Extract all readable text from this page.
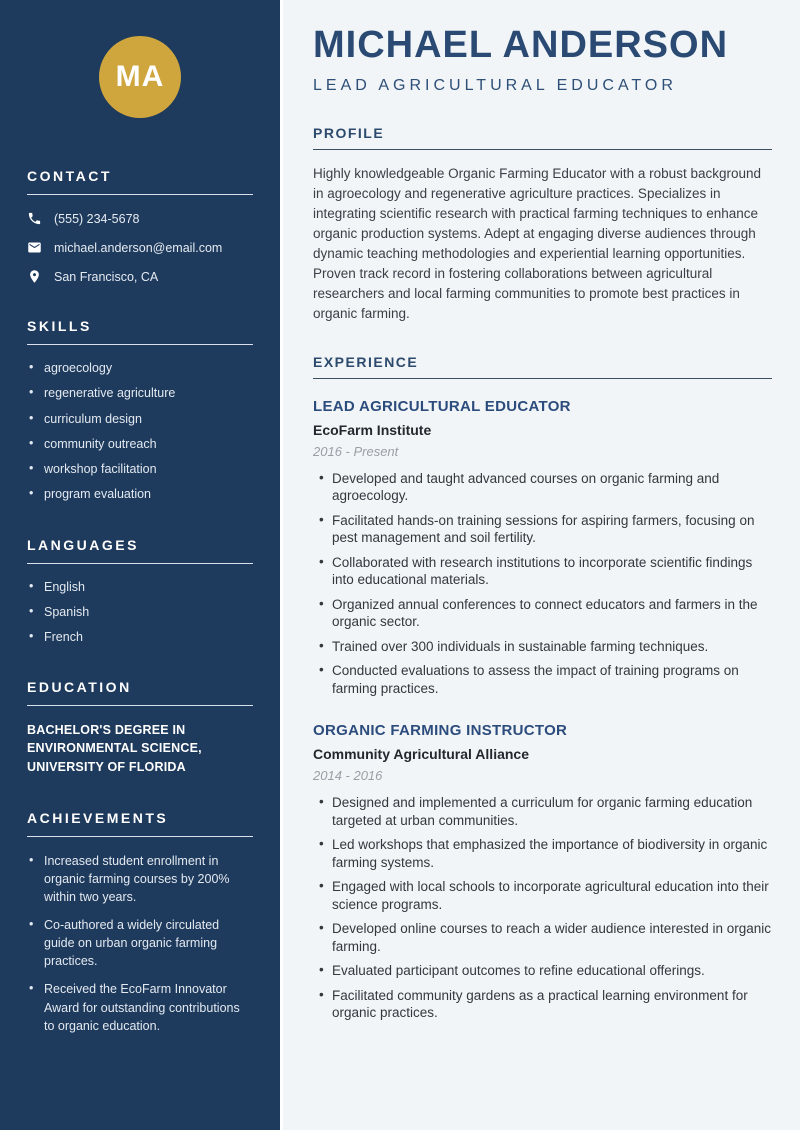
MA
CONTACT
(555) 234-5678
michael.anderson@email.com
San Francisco, CA
SKILLS
• agroecology
• regenerative agriculture
• curriculum design
• community outreach
• workshop facilitation
• program evaluation
LANGUAGES
• English
• Spanish
• French
EDUCATION
BACHELOR'S DEGREE IN ENVIRONMENTAL SCIENCE, UNIVERSITY OF FLORIDA
ACHIEVEMENTS
• Increased student enrollment in organic farming courses by 200% within two years.
• Co-authored a widely circulated guide on urban organic farming practices.
• Received the EcoFarm Innovator Award for outstanding contributions to organic education.
MICHAEL ANDERSON
LEAD AGRICULTURAL EDUCATOR
PROFILE

Highly knowledgeable Organic Farming Educator with a robust background in agroecology and regenerative agriculture practices. Specializes in integrating scientific research with practical farming techniques to enhance organic production systems. Adept at engaging diverse audiences through dynamic teaching methodologies and experiential learning opportunities. Proven track record in fostering collaborations between agricultural researchers and local farming communities to promote best practices in organic farming.

EXPERIENCE
LEAD AGRICULTURAL EDUCATOR
EcoFarm Institute
2016 - Present
• Developed and taught advanced courses on organic farming and agroecology.
• Facilitated hands-on training sessions for aspiring farmers, focusing on pest management and soil fertility.
• Collaborated with research institutions to incorporate scientific findings into educational materials.
• Organized annual conferences to connect educators and farmers in the organic sector.
• Trained over 300 individuals in sustainable farming techniques.
• Conducted evaluations to assess the impact of training programs on farming practices.
ORGANIC FARMING INSTRUCTOR
Community Agricultural Alliance
2014 - 2016
• Designed and implemented a curriculum for organic farming education targeted at urban communities.
• Led workshops that emphasized the importance of biodiversity in organic farming systems.
• Engaged with local schools to incorporate agricultural education into their science programs.
• Developed online courses to reach a wider audience interested in organic farming.
• Evaluated participant outcomes to refine educational offerings.
• Facilitated community gardens as a practical learning environment for organic practices.
